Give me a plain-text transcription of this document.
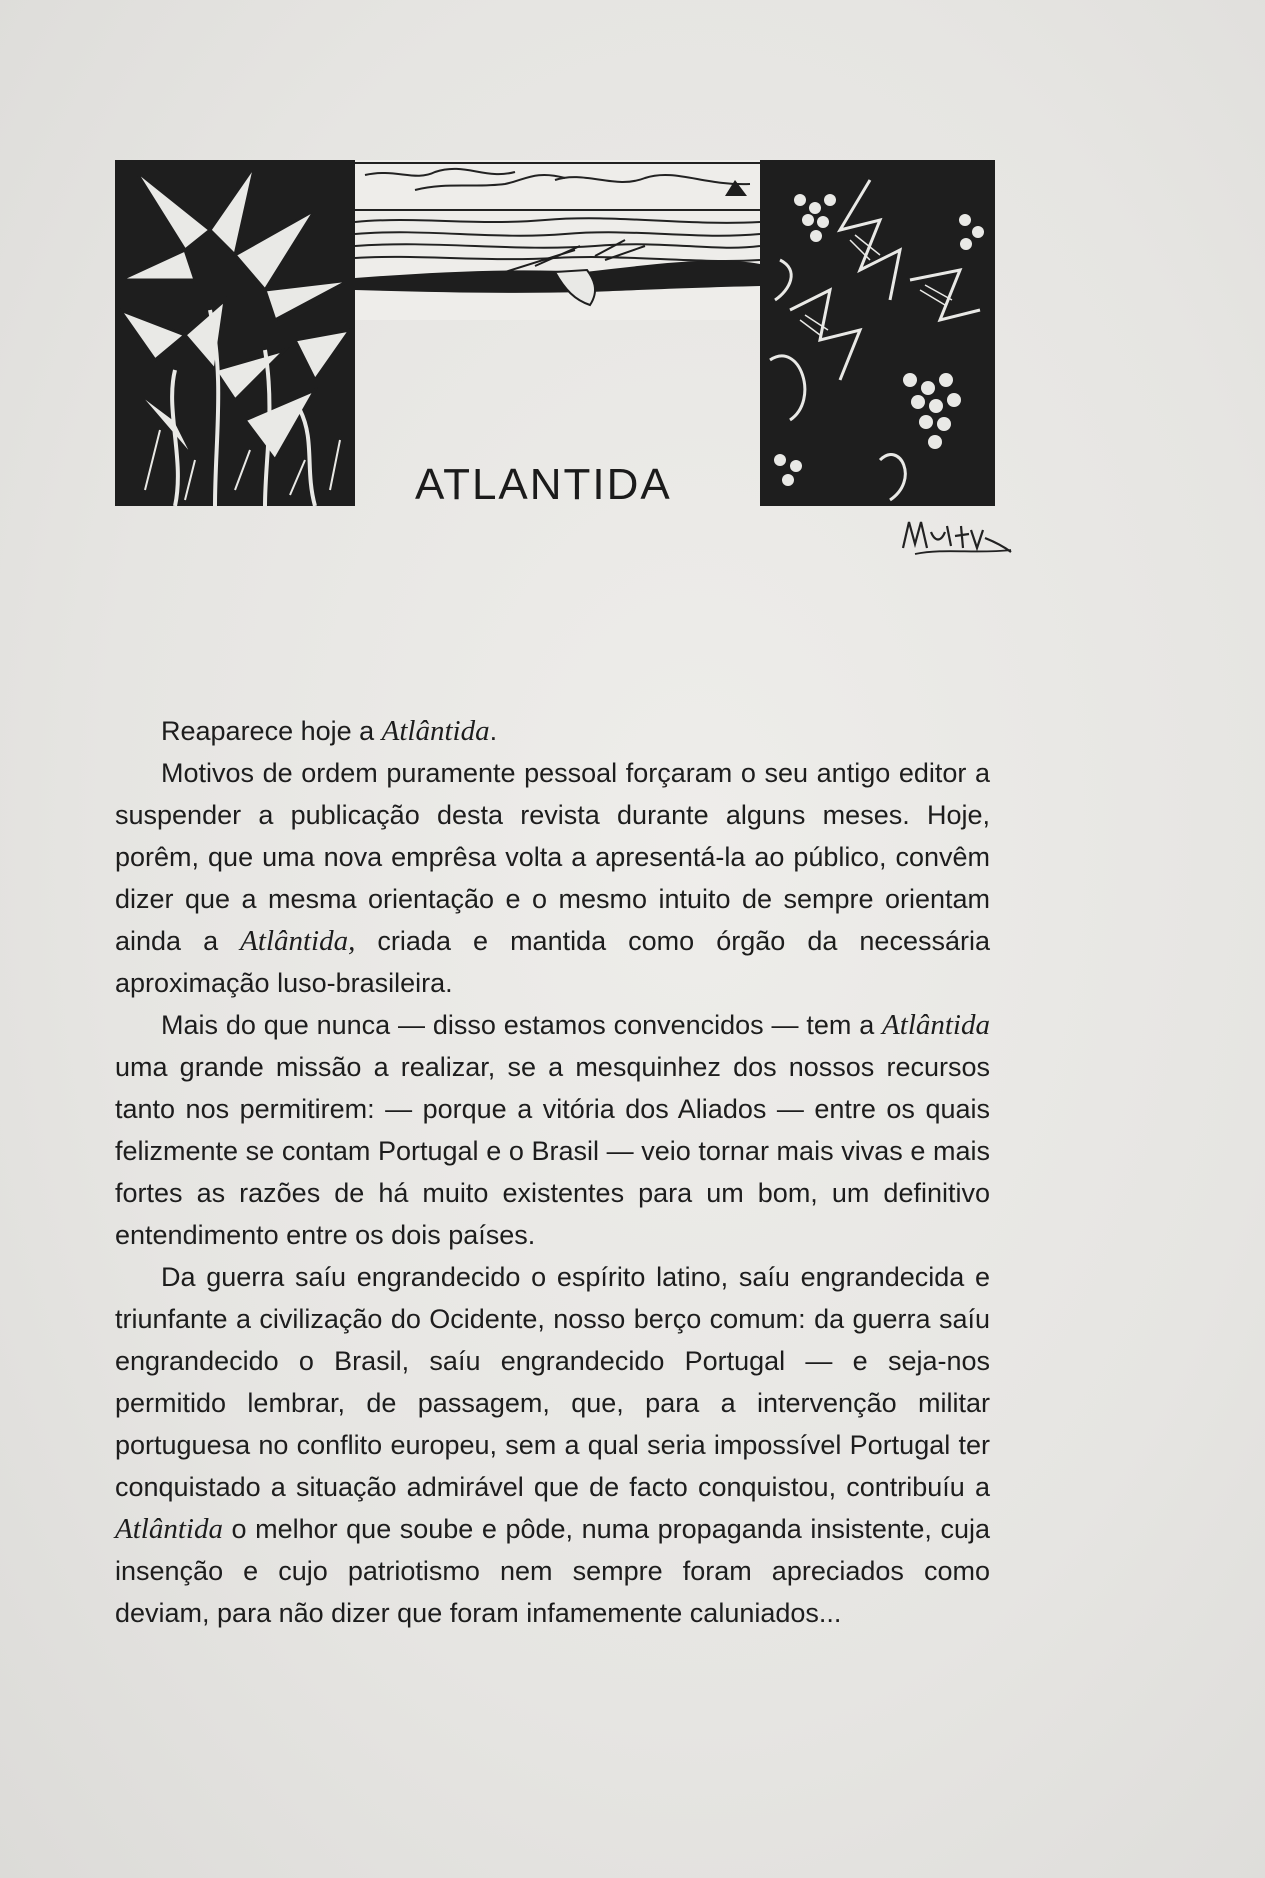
ATLANTIDA

Reaparece hoje a Atlântida.

Motivos de ordem puramente pessoal forçaram o seu antigo editor a suspender a publicação desta revista durante alguns meses. Hoje, porêm, que uma nova emprêsa volta a apresentá-la ao público, convêm dizer que a mesma orientação e o mesmo intuito de sempre orientam ainda a Atlântida, criada e mantida como órgão da necessária aproximação luso-brasileira.

Mais do que nunca — disso estamos convencidos — tem a Atlântida uma grande missão a realizar, se a mesquinhez dos nossos recursos tanto nos permitirem: — porque a vitória dos Aliados — entre os quais felizmente se contam Portugal e o Brasil — veio tornar mais vivas e mais fortes as razões de há muito existentes para um bom, um definitivo entendimento entre os dois países.

Da guerra saíu engrandecido o espírito latino, saíu engrandecida e triunfante a civilização do Ocidente, nosso berço comum: da guerra saíu engrandecido o Brasil, saíu engrandecido Portugal — e seja-nos permitido lembrar, de passagem, que, para a intervenção militar portuguesa no conflito europeu, sem a qual seria impossível Portugal ter conquistado a situação admirável que de facto conquistou, contribuíu a Atlântida o melhor que soube e pôde, numa propaganda insistente, cuja insenção e cujo patriotismo nem sempre foram apreciados como deviam, para não dizer que foram infamemente caluniados...
